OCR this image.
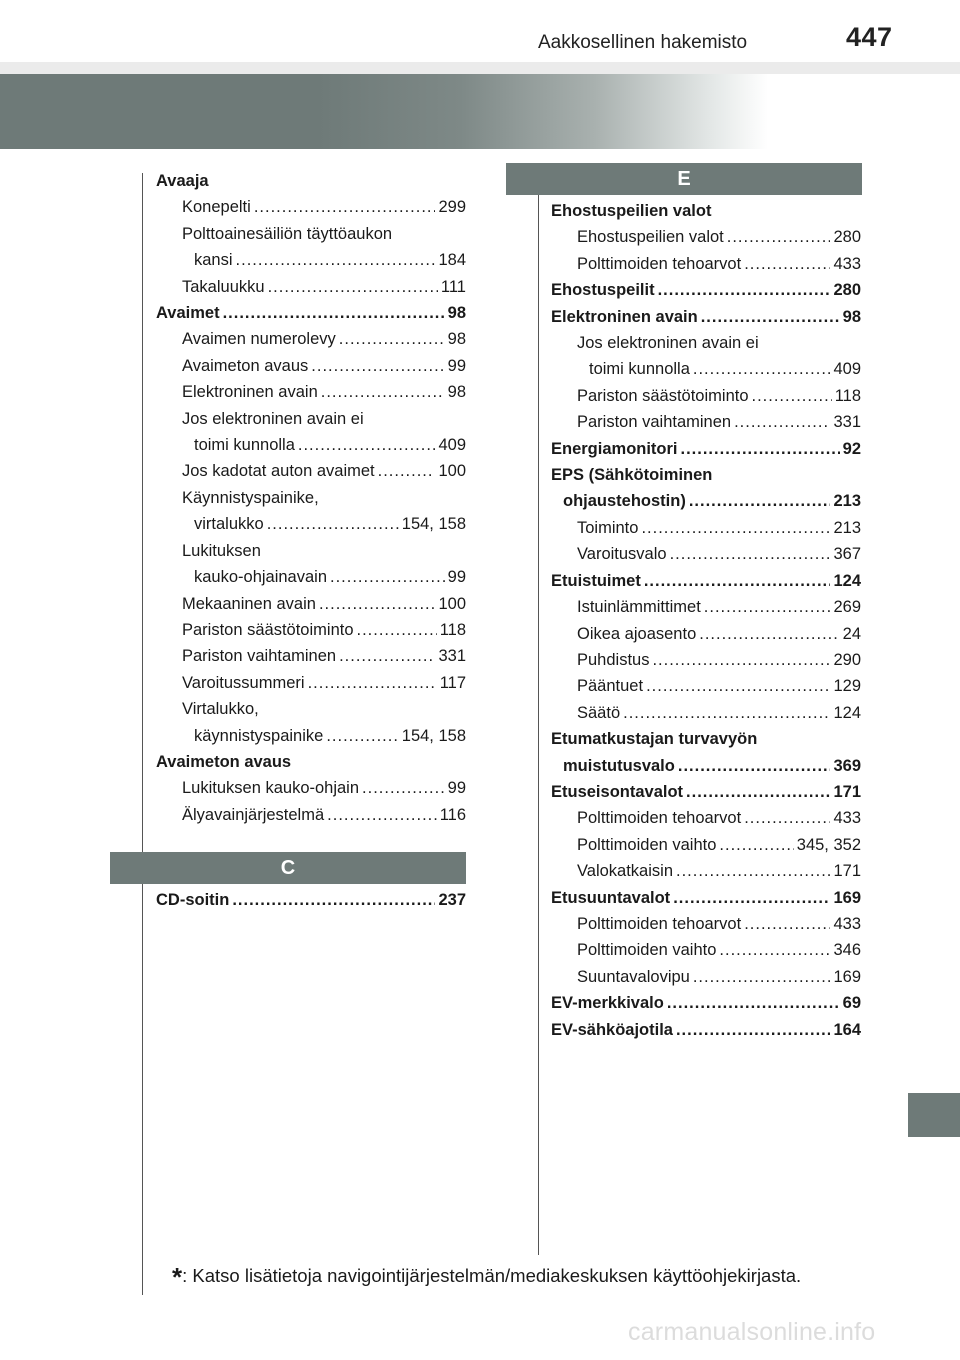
Aakkosellinen hakemisto	447
E
C
Avaaja
Konepelti .....	299
Polttoainesäiliön täyttöaukon
kansi .....	184
Takaluukku .....	111
Avaimet .....	98
Avaimen numerolevy .....	98
Avaimeton avaus .....	99
Elektroninen avain .....	98
Jos elektroninen avain ei
toimi kunnolla .....	409
Jos kadotat auton avaimet .....	100
Käynnistyspainike,
virtalukko .....	154, 158
Lukituksen
kauko-ohjainavain .....	99
Mekaaninen avain .....	100
Pariston säästötoiminto .....	118
Pariston vaihtaminen .....	331
Varoitussummeri .....	117
Virtalukko,
käynnistyspainike .....	154, 158
Avaimeton avaus
Lukituksen kauko-ohjain .....	99
Älyavainjärjestelmä .....	116
CD-soitin .....	237
Ehostuspeilien valot
Ehostuspeilien valot .....	280
Polttimoiden tehoarvot .....	433
Ehostuspeilit .....	280
Elektroninen avain .....	98
Jos elektroninen avain ei
toimi kunnolla .....	409
Pariston säästötoiminto .....	118
Pariston vaihtaminen .....	331
Energiamonitori .....	92
EPS (Sähkötoiminen
ohjaustehostin) .....	213
Toiminto .....	213
Varoitusvalo .....	367
Etuistuimet .....	124
Istuinlämmittimet .....	269
Oikea ajoasento .....	24
Puhdistus .....	290
Pääntuet .....	129
Säätö .....	124
Etumatkustajan turvavyön
muistutusvalo .....	369
Etuseisontavalot .....	171
Polttimoiden tehoarvot .....	433
Polttimoiden vaihto .....	345, 352
Valokatkaisin .....	171
Etusuuntavalot .....	169
Polttimoiden tehoarvot .....	433
Polttimoiden vaihto .....	346
Suuntavalovipu .....	169
EV-merkkivalo .....	69
EV-sähköajotila .....	164
*: Katso lisätietoja navigointijärjestelmän/mediakeskuksen käyttöohjekirjasta.
carmanualsonline.info
